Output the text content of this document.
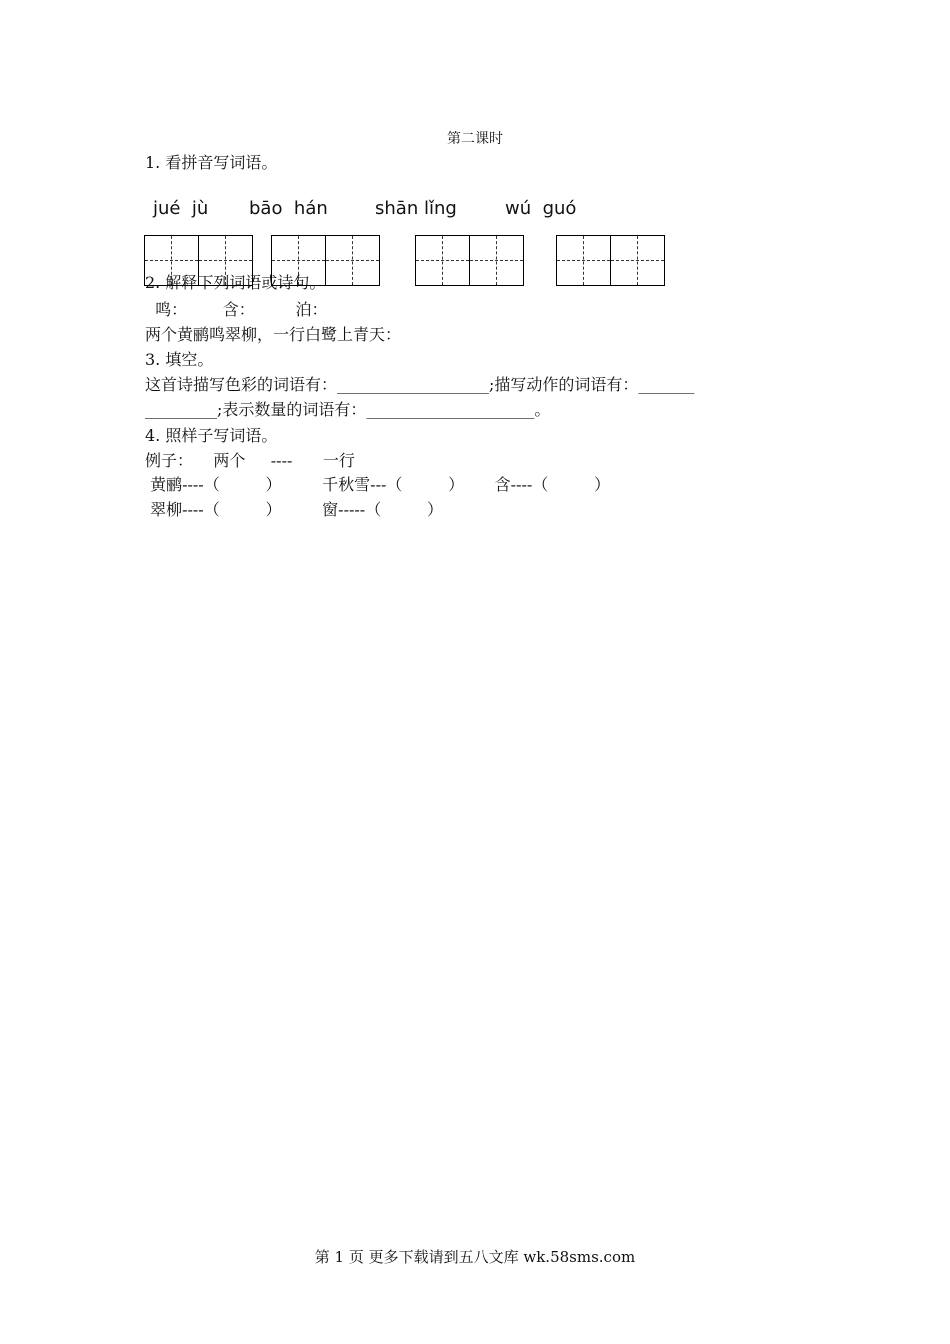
第二课时
1. 看拼音写词语。
jué  jù bāo  hán	shān lǐng	wú  guó
2. 解释下列词语或诗句。
鸣：       含：        泊：
两个黄鹂鸣翠柳，一行白鹭上青天：
3. 填空。
这首诗描写色彩的词语有：___________________;描写动作的词语有：_______
_________;表示数量的词语有：_____________________。
4. 照样子写词语。
例子：    两个     ----      一行
黄鹂----（         ）        千秋雪---（         ）      含----（         ）
翠柳----（         ）        窗-----（         ）
第 1 页 更多下载请到五八文库 wk.58sms.com
